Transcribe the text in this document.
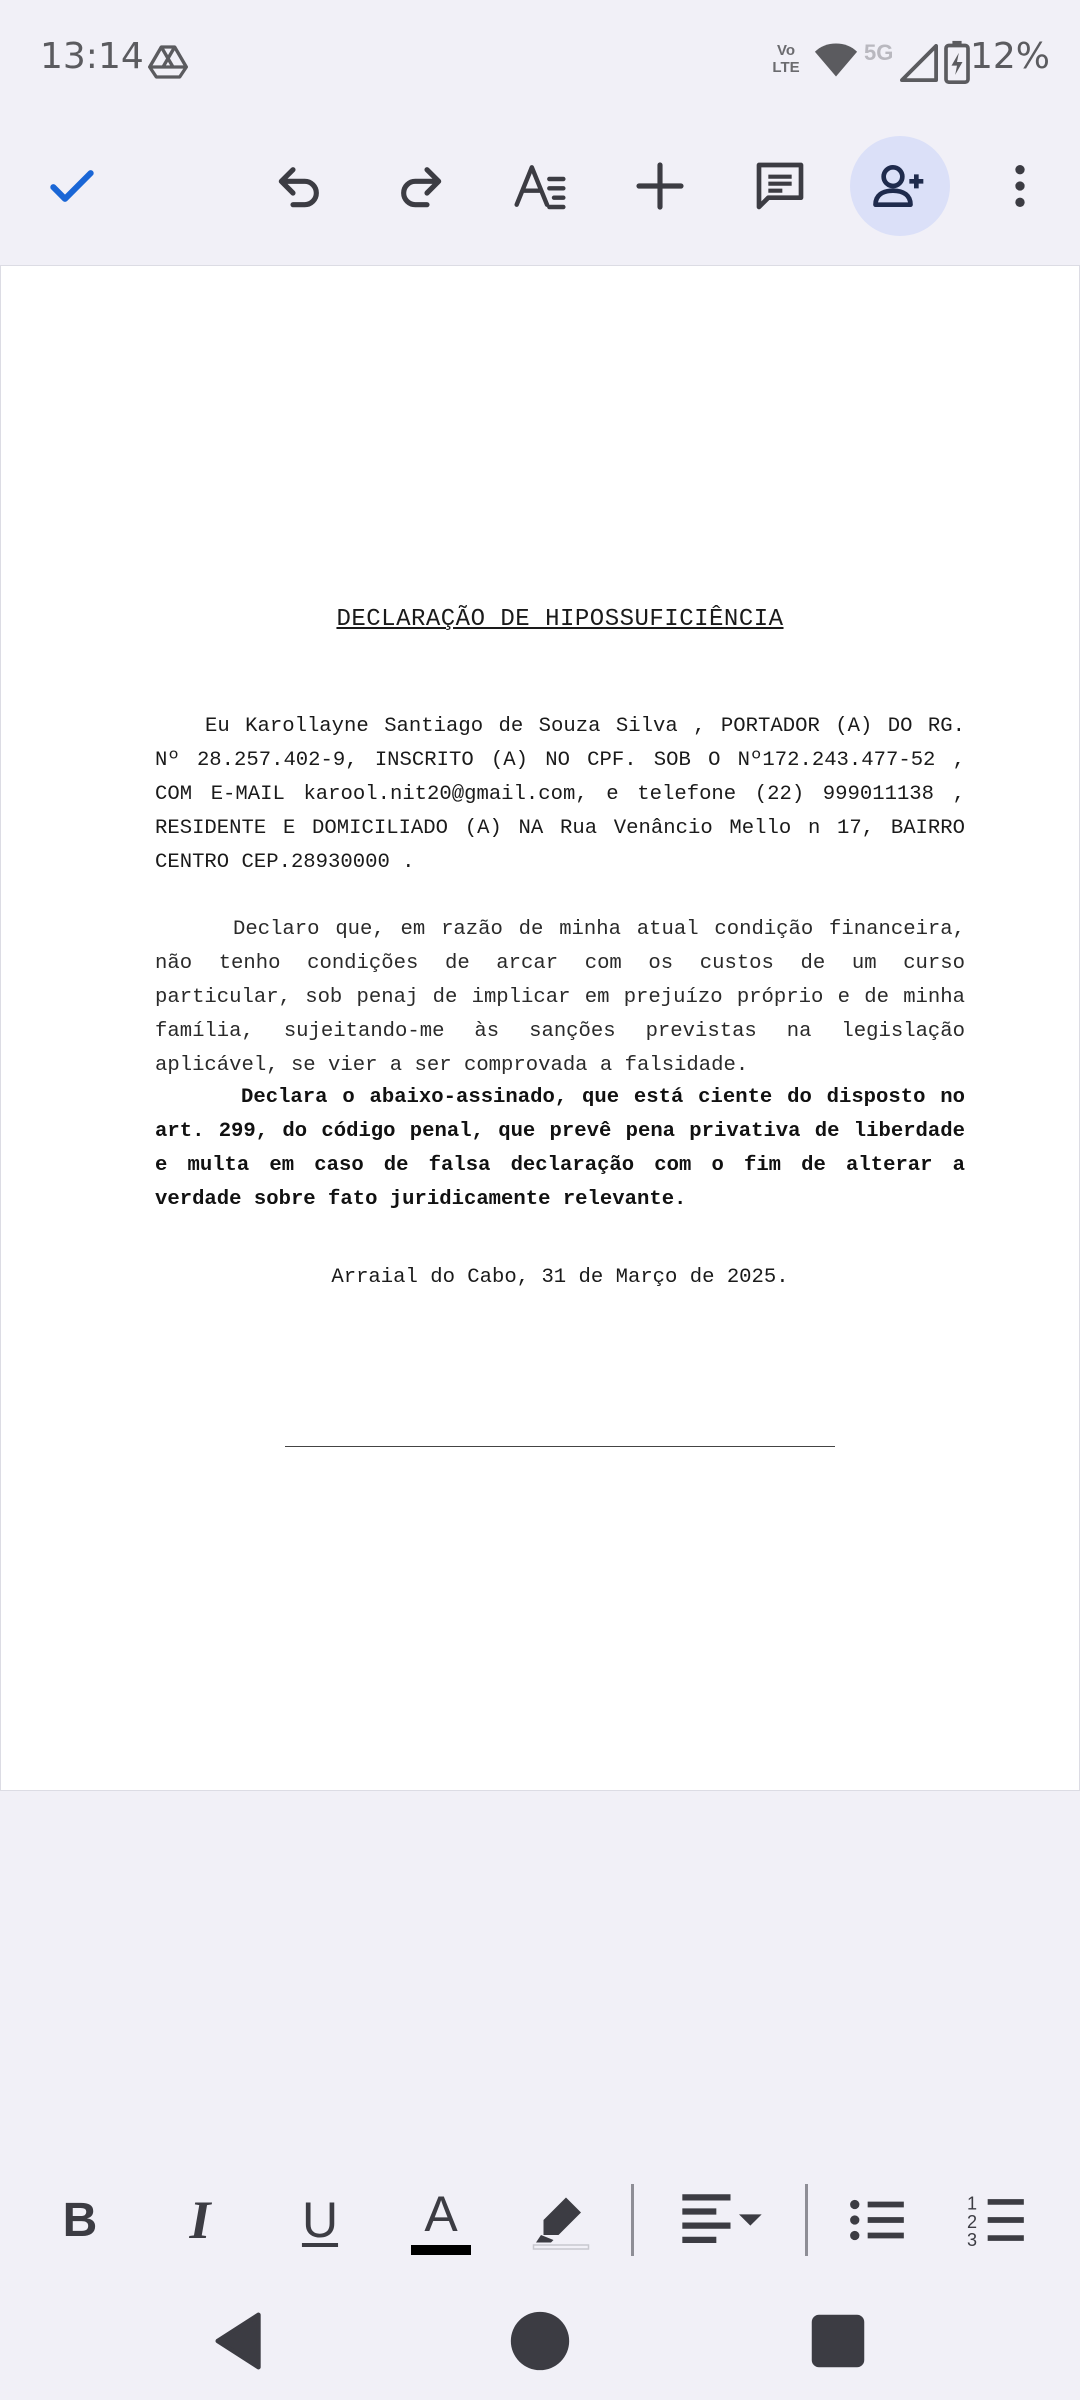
13:14	Vo
LTE
5G 12%
DECLARAÇÃO DE HIPOSSUFICIÊNCIA
Eu Karollayne Santiago de Souza Silva , PORTADOR (A) DO RG. Nº 28.257.402-9, INSCRITO (A) NO CPF. SOB O Nº172.243.477-52 , COM E-MAIL karool.nit20@gmail.com, e telefone (22) 999011138 , RESIDENTE E DOMICILIADO (A) NA Rua Venâncio Mello n 17, BAIRRO CENTRO CEP.28930000 .
Declaro que, em razão de minha atual condição financeira, não tenho condições de arcar com os custos de um curso particular, sob penaj de implicar em prejuízo próprio e de minha família, sujeitando-me às sanções previstas na legislação aplicável, se vier a ser comprovada a falsidade.
Declara o abaixo-assinado, que está ciente do disposto no art. 299, do código penal, que prevê pena privativa de liberdade e multa em caso de falsa declaração com o fim de alterar a verdade sobre fato juridicamente relevante.
Arraial do Cabo, 31 de Março de 2025.
B	I	U	A	1
2
3
